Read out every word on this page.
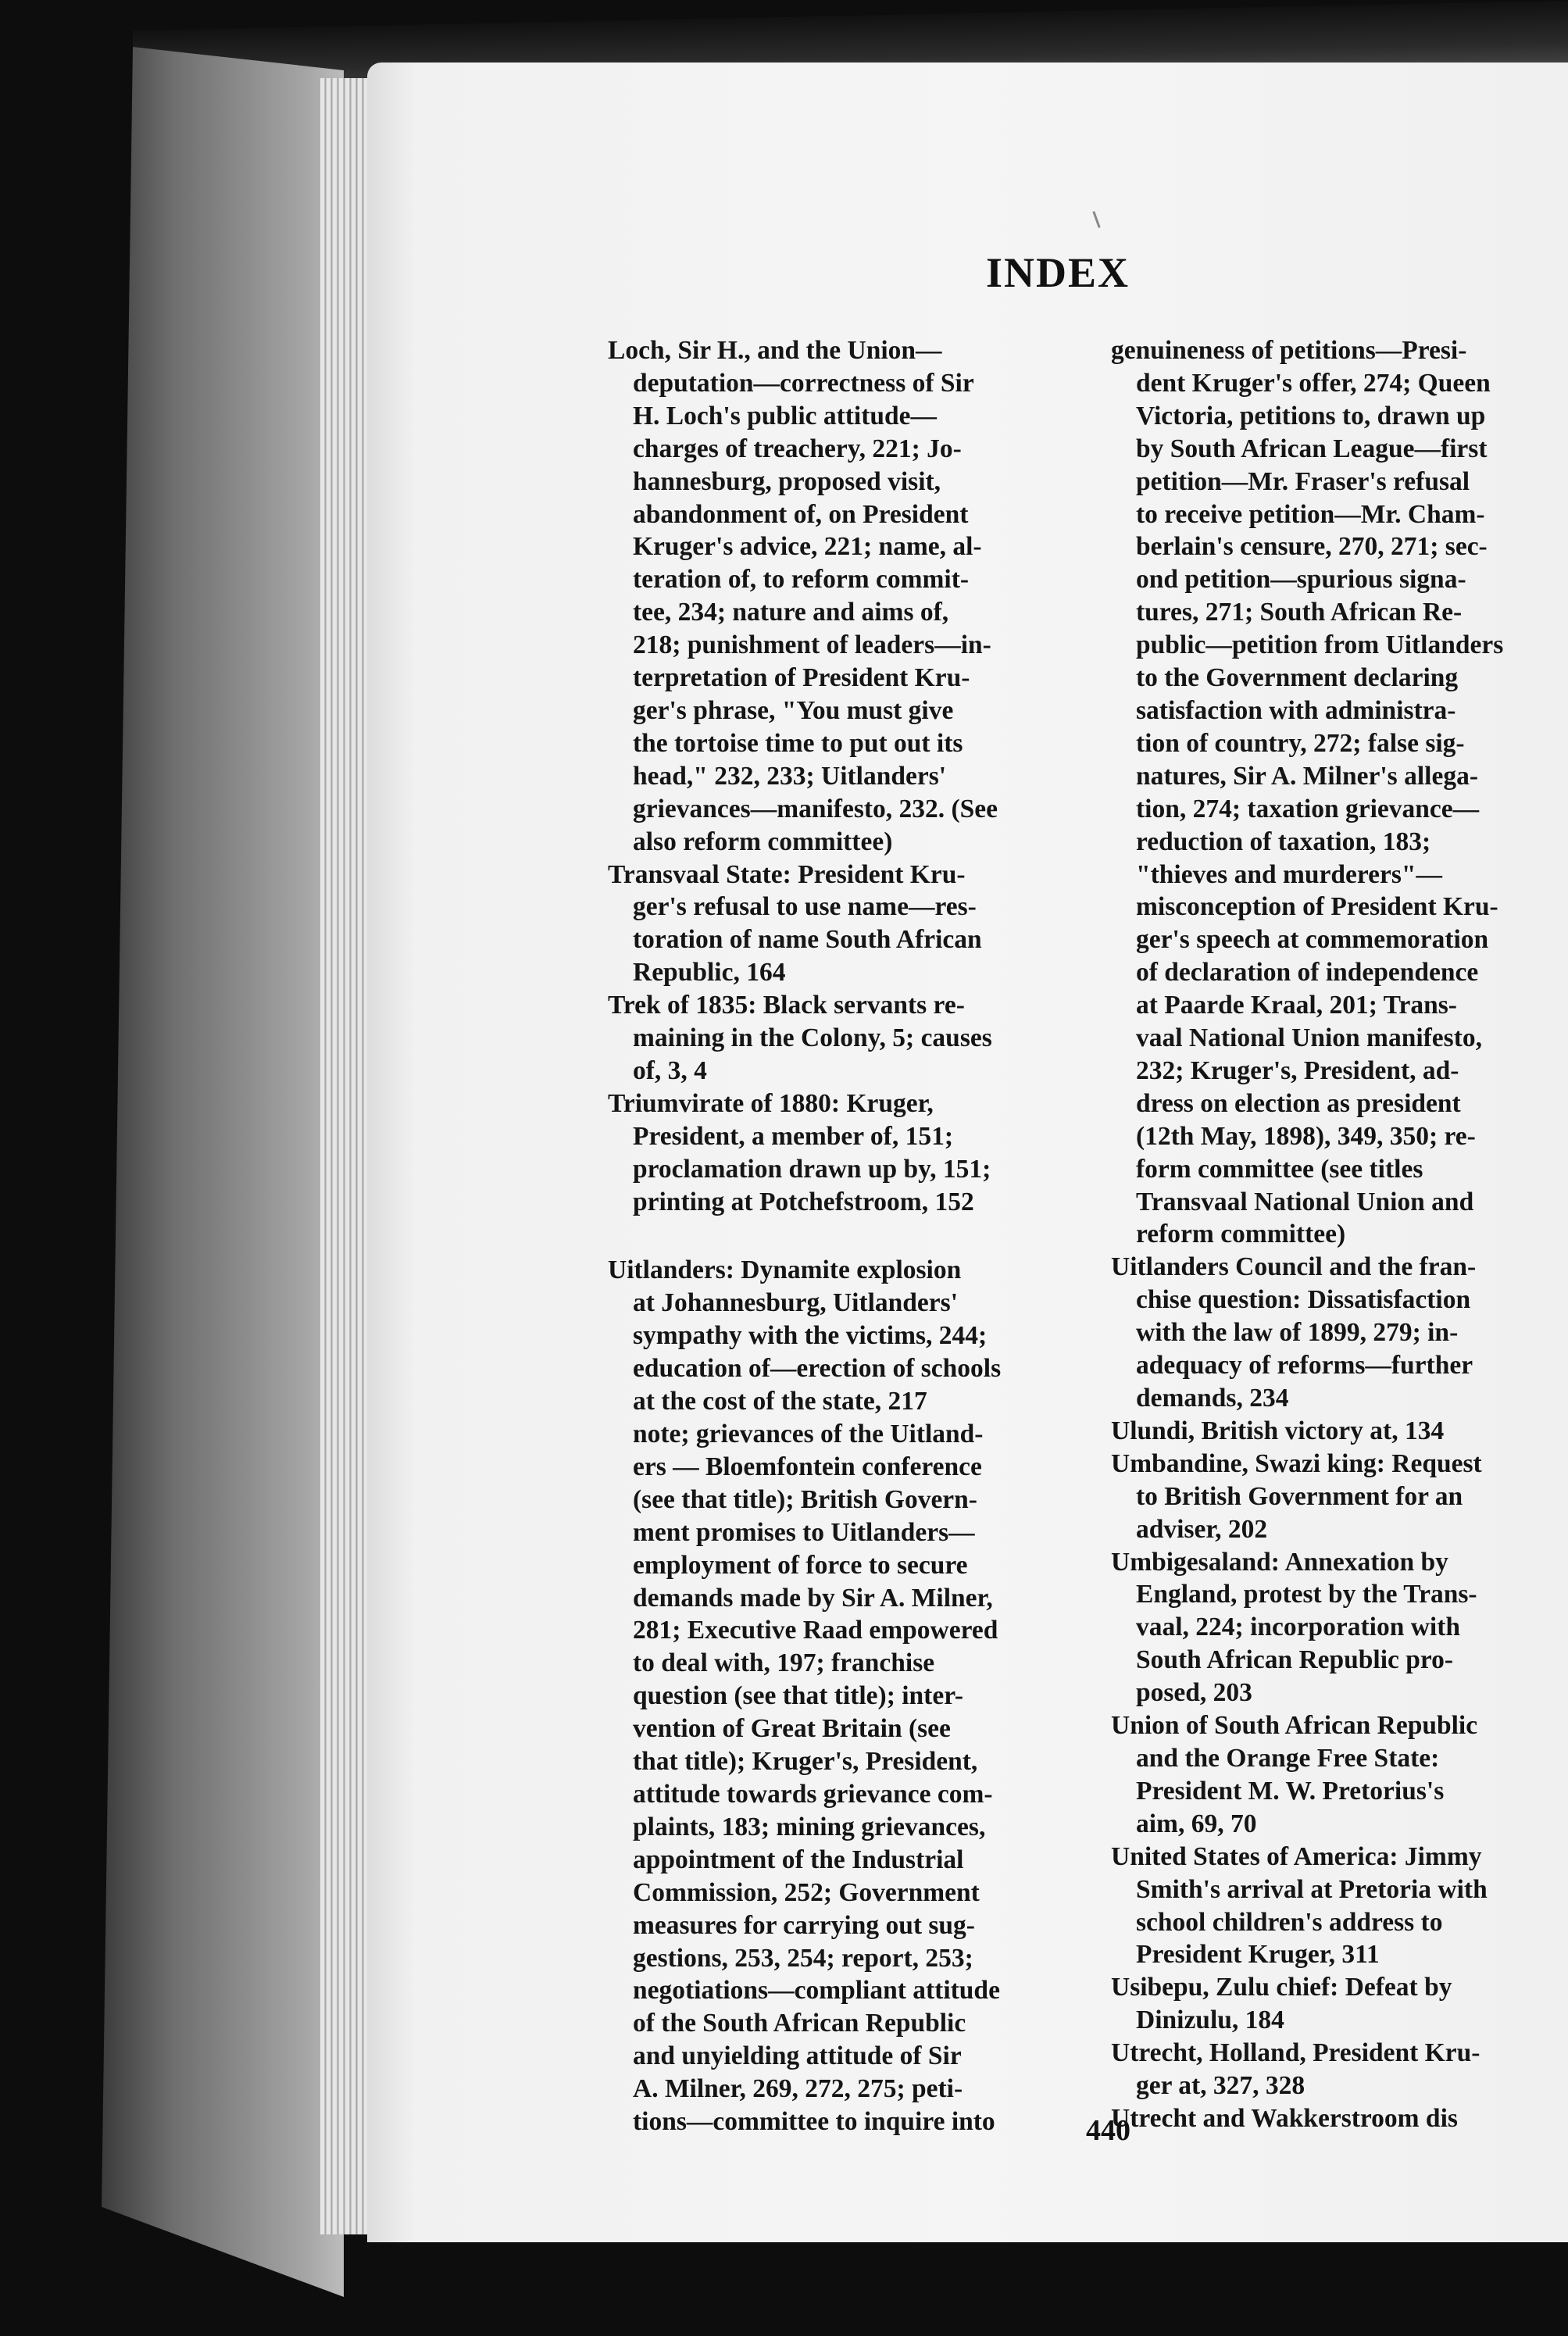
INDEX
Loch, Sir H., and the Union—
deputation—correctness of Sir
H. Loch's public attitude—
charges of treachery, 221; Jo-
hannesburg, proposed visit,
abandonment of, on President
Kruger's advice, 221; name, al-
teration of, to reform commit-
tee, 234; nature and aims of,
218; punishment of leaders—in-
terpretation of President Kru-
ger's phrase, "You must give
the tortoise time to put out its
head," 232, 233; Uitlanders'
grievances—manifesto, 232. (See
also reform committee)
Transvaal State: President Kru-
ger's refusal to use name—res-
toration of name South African
Republic, 164
Trek of 1835: Black servants re-
maining in the Colony, 5; causes
of, 3, 4
Triumvirate of 1880: Kruger,
President, a member of, 151;
proclamation drawn up by, 151;
printing at Potchefstroom, 152
Uitlanders: Dynamite explosion
at Johannesburg, Uitlanders'
sympathy with the victims, 244;
education of—erection of schools
at the cost of the state, 217
note; grievances of the Uitland-
ers — Bloemfontein conference
(see that title); British Govern-
ment promises to Uitlanders—
employment of force to secure
demands made by Sir A. Milner,
281; Executive Raad empowered
to deal with, 197; franchise
question (see that title); inter-
vention of Great Britain (see
that title); Kruger's, President,
attitude towards grievance com-
plaints, 183; mining grievances,
appointment of the Industrial
Commission, 252; Government
measures for carrying out sug-
gestions, 253, 254; report, 253;
negotiations—compliant attitude
of the South African Republic
and unyielding attitude of Sir
A. Milner, 269, 272, 275; peti-
tions—committee to inquire into
genuineness of petitions—Presi-
dent Kruger's offer, 274; Queen
Victoria, petitions to, drawn up
by South African League—first
petition—Mr. Fraser's refusal
to receive petition—Mr. Cham-
berlain's censure, 270, 271; sec-
ond petition—spurious signa-
tures, 271; South African Re-
public—petition from Uitlanders
to the Government declaring
satisfaction with administra-
tion of country, 272; false sig-
natures, Sir A. Milner's allega-
tion, 274; taxation grievance—
reduction of taxation, 183;
"thieves and murderers"—
misconception of President Kru-
ger's speech at commemoration
of declaration of independence
at Paarde Kraal, 201; Trans-
vaal National Union manifesto,
232; Kruger's, President, ad-
dress on election as president
(12th May, 1898), 349, 350; re-
form committee (see titles
Transvaal National Union and
reform committee)
Uitlanders Council and the fran-
chise question: Dissatisfaction
with the law of 1899, 279; in-
adequacy of reforms—further
demands, 234
Ulundi, British victory at, 134
Umbandine, Swazi king: Request
to British Government for an
adviser, 202
Umbigesaland: Annexation by
England, protest by the Trans-
vaal, 224; incorporation with
South African Republic pro-
posed, 203
Union of South African Republic
and the Orange Free State:
President M. W. Pretorius's
aim, 69, 70
United States of America: Jimmy
Smith's arrival at Pretoria with
school children's address to
President Kruger, 311
Usibepu, Zulu chief: Defeat by
Dinizulu, 184
Utrecht, Holland, President Kru-
ger at, 327, 328
Utrecht and Wakkerstroom dis
440
